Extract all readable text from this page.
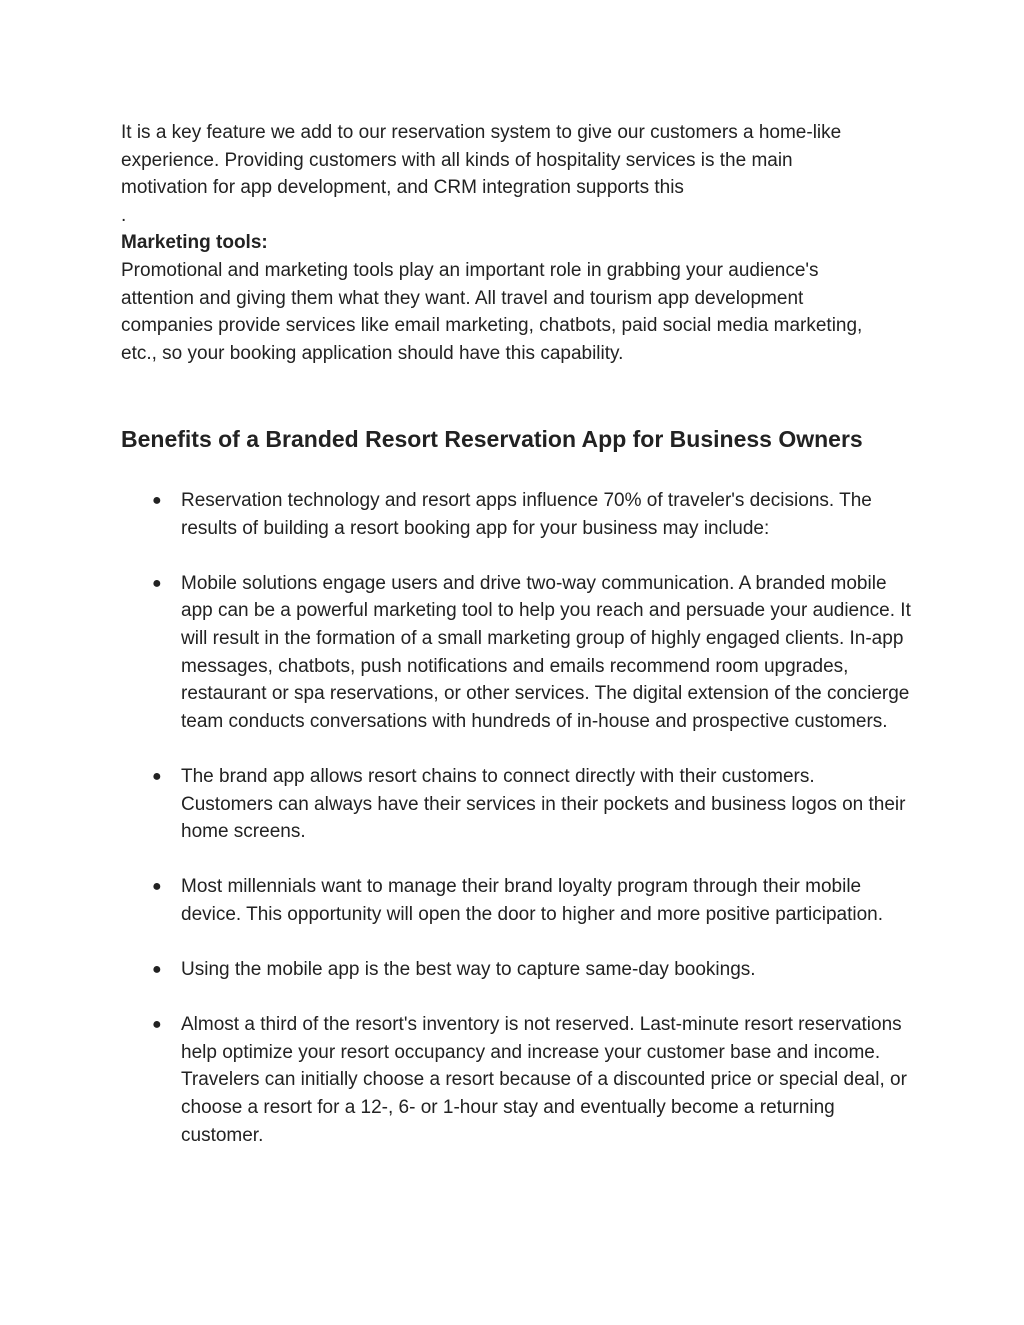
It is a key feature we add to our reservation system to give our customers a home-like experience. Providing customers with all kinds of hospitality services is the main motivation for app development, and CRM integration supports this

.

Marketing tools:

Promotional and marketing tools play an important role in grabbing your audience's attention and giving them what they want. All travel and tourism app development companies provide services like email marketing, chatbots, paid social media marketing, etc., so your booking application should have this capability.

Benefits of a Branded Resort Reservation App for Business Owners
● Reservation technology and resort apps influence 70% of traveler's decisions. The results of building a resort booking app for your business may include:
● Mobile solutions engage users and drive two-way communication. A branded mobile app can be a powerful marketing tool to help you reach and persuade your audience. It will result in the formation of a small marketing group of highly engaged clients. In-app messages, chatbots, push notifications and emails recommend room upgrades, restaurant or spa reservations, or other services. The digital extension of the concierge team conducts conversations with hundreds of in-house and prospective customers.
● The brand app allows resort chains to connect directly with their customers. Customers can always have their services in their pockets and business logos on their home screens.
● Most millennials want to manage their brand loyalty program through their mobile device. This opportunity will open the door to higher and more positive participation.
● Using the mobile app is the best way to capture same-day bookings.
● Almost a third of the resort's inventory is not reserved. Last-minute resort reservations help optimize your resort occupancy and increase your customer base and income. Travelers can initially choose a resort because of a discounted price or special deal, or choose a resort for a 12-, 6- or 1-hour stay and eventually become a returning customer.
